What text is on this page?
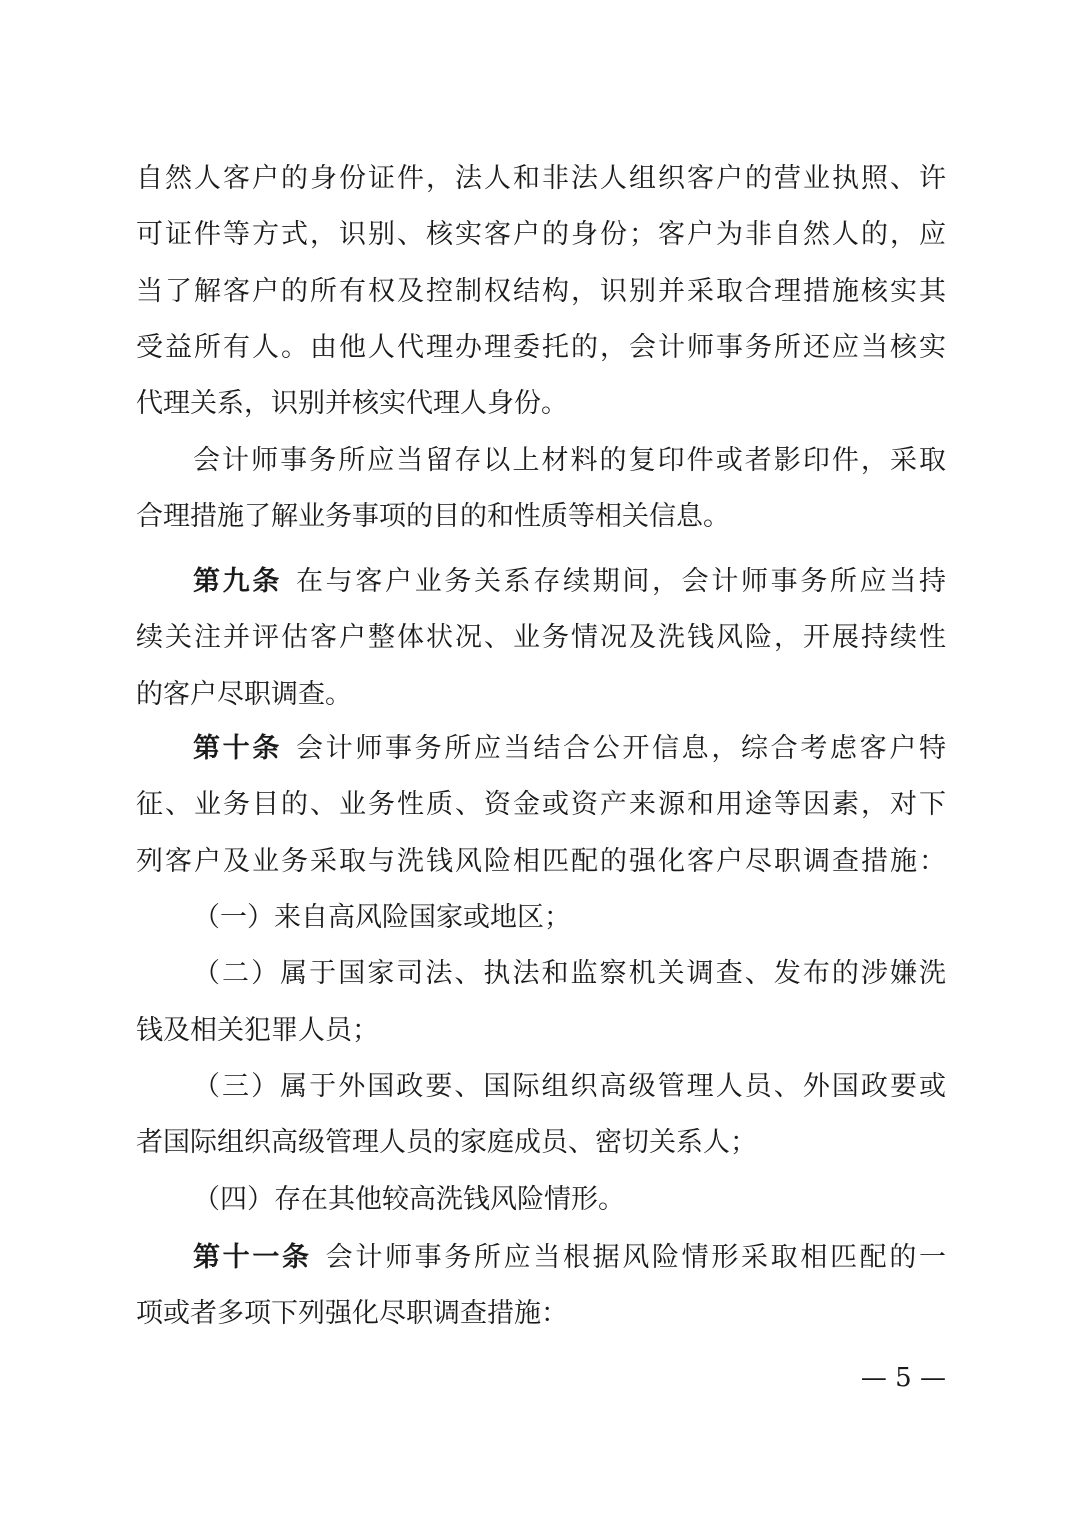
自然人客户的身份证件，法人和非法人组织客户的营业执照、许
可证件等方式，识别、核实客户的身份；客户为非自然人的，应
当了解客户的所有权及控制权结构，识别并采取合理措施核实其
受益所有人。由他人代理办理委托的，会计师事务所还应当核实
代理关系，识别并核实代理人身份。
会计师事务所应当留存以上材料的复印件或者影印件，采取
合理措施了解业务事项的目的和性质等相关信息。
第九条 在与客户业务关系存续期间，会计师事务所应当持
续关注并评估客户整体状况、业务情况及洗钱风险，开展持续性
的客户尽职调查。
第十条 会计师事务所应当结合公开信息，综合考虑客户特
征、业务目的、业务性质、资金或资产来源和用途等因素，对下
列客户及业务采取与洗钱风险相匹配的强化客户尽职调查措施：
（一）来自高风险国家或地区；
（二）属于国家司法、执法和监察机关调查、发布的涉嫌洗
钱及相关犯罪人员；
（三）属于外国政要、国际组织高级管理人员、外国政要或
者国际组织高级管理人员的家庭成员、密切关系人；
（四）存在其他较高洗钱风险情形。
第十一条 会计师事务所应当根据风险情形采取相匹配的一
项或者多项下列强化尽职调查措施：
— 5 —
